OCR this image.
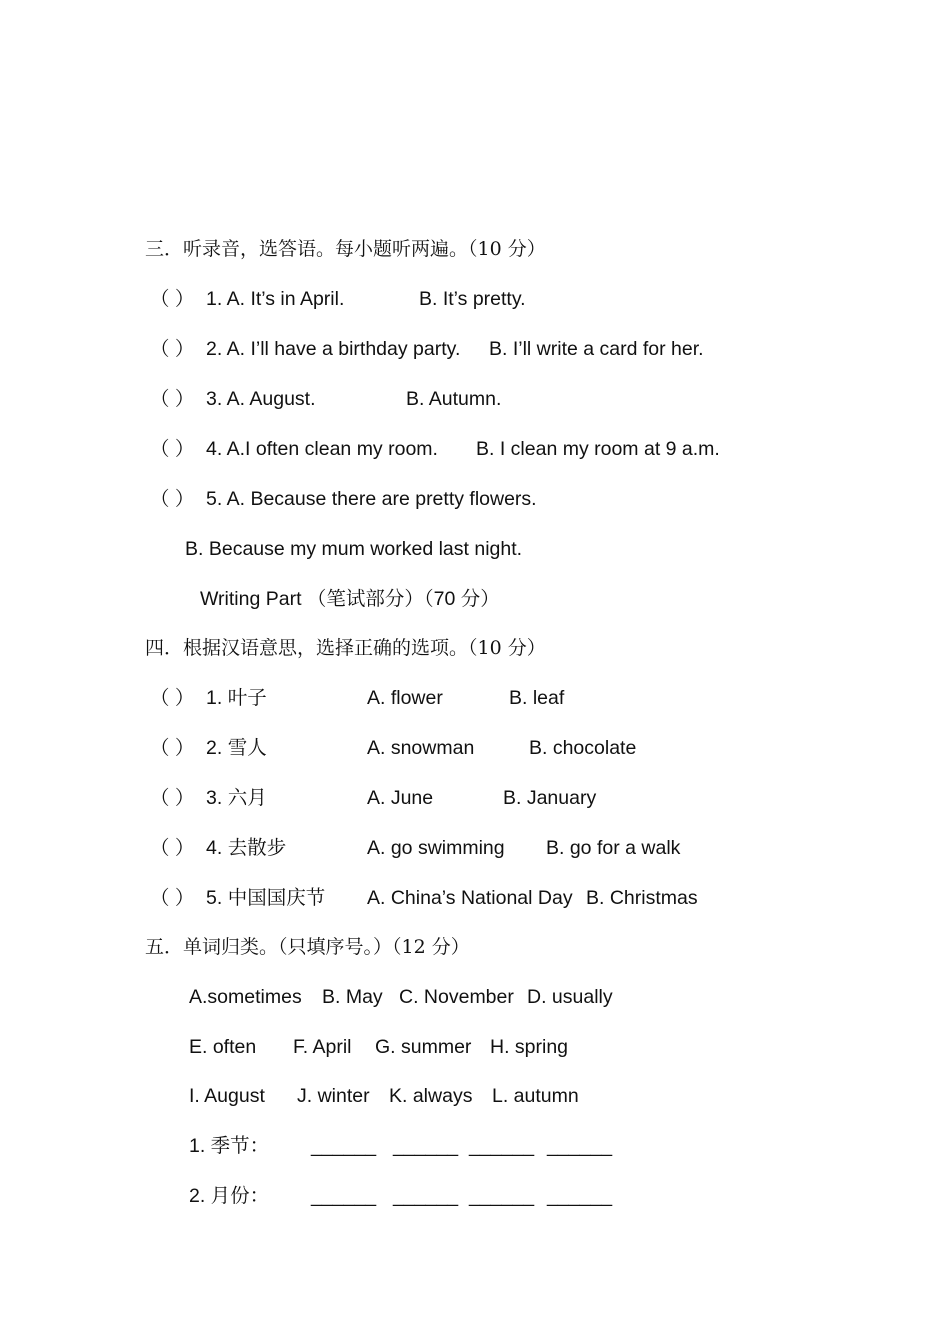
三．听录音，选答语。每小题听两遍。（10 分）
（ ） 1. A. It’s in April.	B. It’s pretty.
（ ） 2. A. I’ll have a birthday party. B. I’ll write a card for her.
（ ） 3. A. August.	B. Autumn.
（ ） 4. A.I often clean my room. B. I clean my room at 9 a.m.
（ ） 5. A. Because there are pretty flowers.
B. Because my mum worked last night.
Writing Part （笔试部分）（70 分）
四．根据汉语意思，选择正确的选项。（10 分）
（ ） 1. 叶子	A. flower	B. leaf
（ ） 2. 雪人	A. snowman	B. chocolate
（ ） 3. 六月	A. June	B. January
（ ） 4. 去散步	A. go swimming B. go for a walk
（ ） 5. 中国国庆节 A. China’s National Day B. Christmas
五．单词归类。（只填序号。）（12 分）
A.sometimes B. May C. November D. usually
E. often F. April G. summer H. spring
I. August J. winter K. always L. autumn
1. 季节： ______ ______ ______ ______
2. 月份： ______ ______ ______ ______
